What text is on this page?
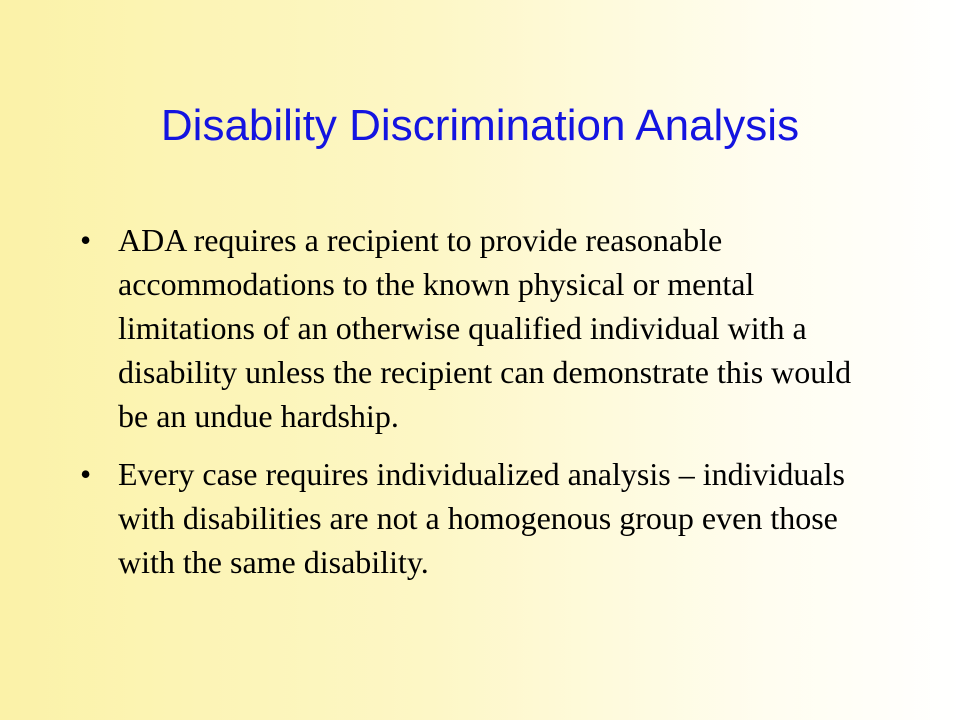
Disability Discrimination Analysis
• ADA requires a recipient to provide reasonable accommodations to the known physical or mental limitations of an otherwise qualified individual with a disability unless the recipient can demonstrate this would be an undue hardship.
• Every case requires individualized analysis – individuals with disabilities are not a homogenous group even those with the same disability.
